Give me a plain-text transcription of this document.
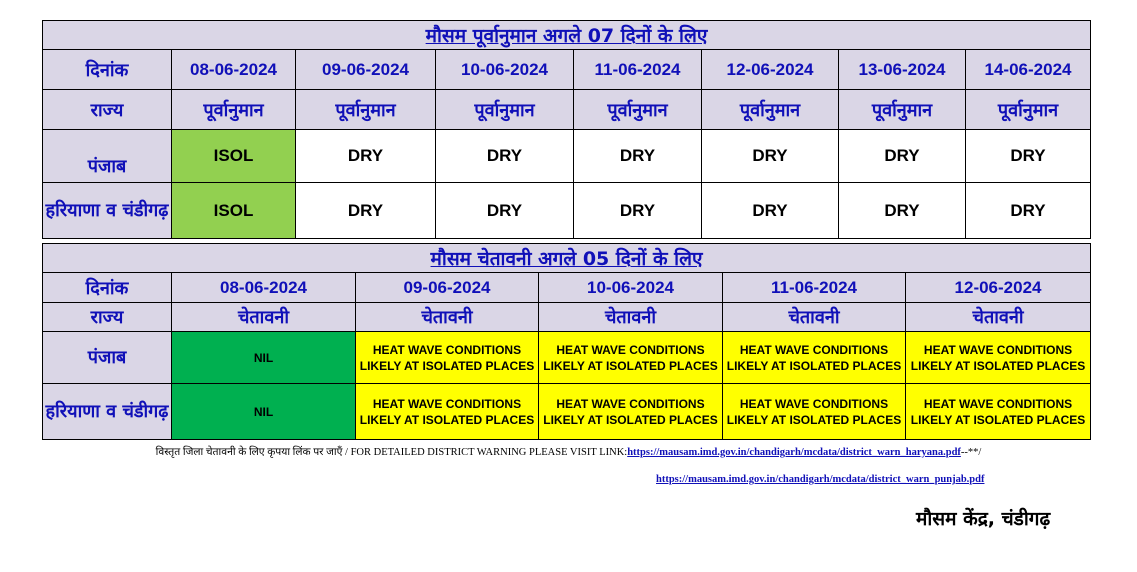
मौसम पूर्वानुमान अगले 07 दिनों के लिए							
दिनांक	08-06-2024	09-06-2024	10-06-2024	11-06-2024	12-06-2024	13-06-2024	14-06-2024
राज्य	पूर्वानुमान	पूर्वानुमान	पूर्वानुमान	पूर्वानुमान	पूर्वानुमान	पूर्वानुमान	पूर्वानुमान
पंजाब	ISOL	DRY	DRY	DRY	DRY	DRY	DRY
हरियाणा व चंडीगढ़	ISOL	DRY	DRY	DRY	DRY	DRY	DRY
मौसम चेतावनी अगले 05 दिनों के लिए					
दिनांक	08-06-2024	09-06-2024	10-06-2024	11-06-2024	12-06-2024
राज्य	चेतावनी	चेतावनी	चेतावनी	चेतावनी	चेतावनी
पंजाब	NIL	HEAT WAVE CONDITIONS LIKELY AT ISOLATED PLACES	HEAT WAVE CONDITIONS LIKELY AT ISOLATED PLACES	HEAT WAVE CONDITIONS LIKELY AT ISOLATED PLACES	HEAT WAVE CONDITIONS LIKELY AT ISOLATED PLACES
हरियाणा व चंडीगढ़	NIL	HEAT WAVE CONDITIONS LIKELY AT ISOLATED PLACES	HEAT WAVE CONDITIONS LIKELY AT ISOLATED PLACES	HEAT WAVE CONDITIONS LIKELY AT ISOLATED PLACES	HEAT WAVE CONDITIONS LIKELY AT ISOLATED PLACES
विस्तृत जिला चेतावनी के लिए कृपया लिंक पर जाएँ / FOR DETAILED DISTRICT WARNING PLEASE VISIT LINK:https://mausam.imd.gov.in/chandigarh/mcdata/district_warn_haryana.pdf--**/
https://mausam.imd.gov.in/chandigarh/mcdata/district_warn_punjab.pdf
मौसम केंद्र, चंडीगढ़
